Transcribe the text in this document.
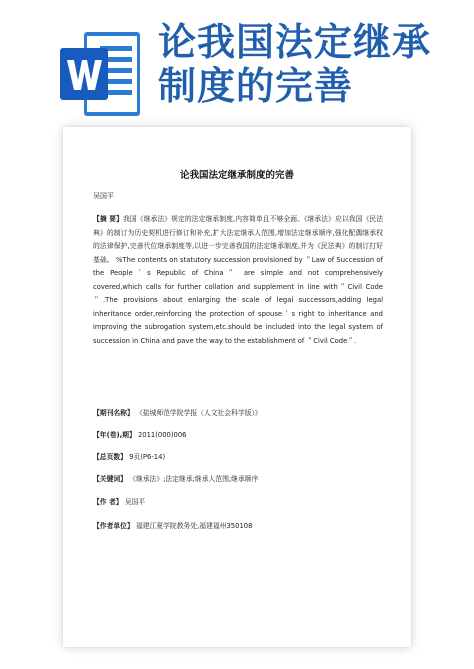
论我国法定继承制度的完善
论我国法定继承制度的完善
吴国平
【摘 要】我国《继承法》规定的法定继承制度,内容简单且不够全面。《继承法》应以我国《民法典》的制订为历史契机进行修订和补充,扩大法定继承人范围,增加法定继承顺序,强化配偶继承权的法律保护,完善代位继承制度等,以进一步完善我国的法定继承制度,并为《民法典》的制订打好基础。 %The contents on statutory succession provisioned by ＂Law of Succession of the People＇s Republic of China＂ are simple and not comprehensively covered,which calls for further collation and supplement in line with＂Civil Code＂.The provisions about enlarging the scale of legal successors,adding legal inheritance order,reinforcing the protection of spouse＇s right to inheritance and improving the subrogation system,etc.should be included into the legal system of succession in China and pave the way to the establishment of ＂Civil Code＂.
【期刊名称】 《盐城师范学院学报（人文社会科学版）》
【年(卷),期】 2011(000)006
【总页数】 9页(P6-14)
【关键词】 《继承法》;法定继承;继承人范围;继承顺序
【作 者】 吴国平
【作者单位】 福建江夏学院教务处,福建福州350108
